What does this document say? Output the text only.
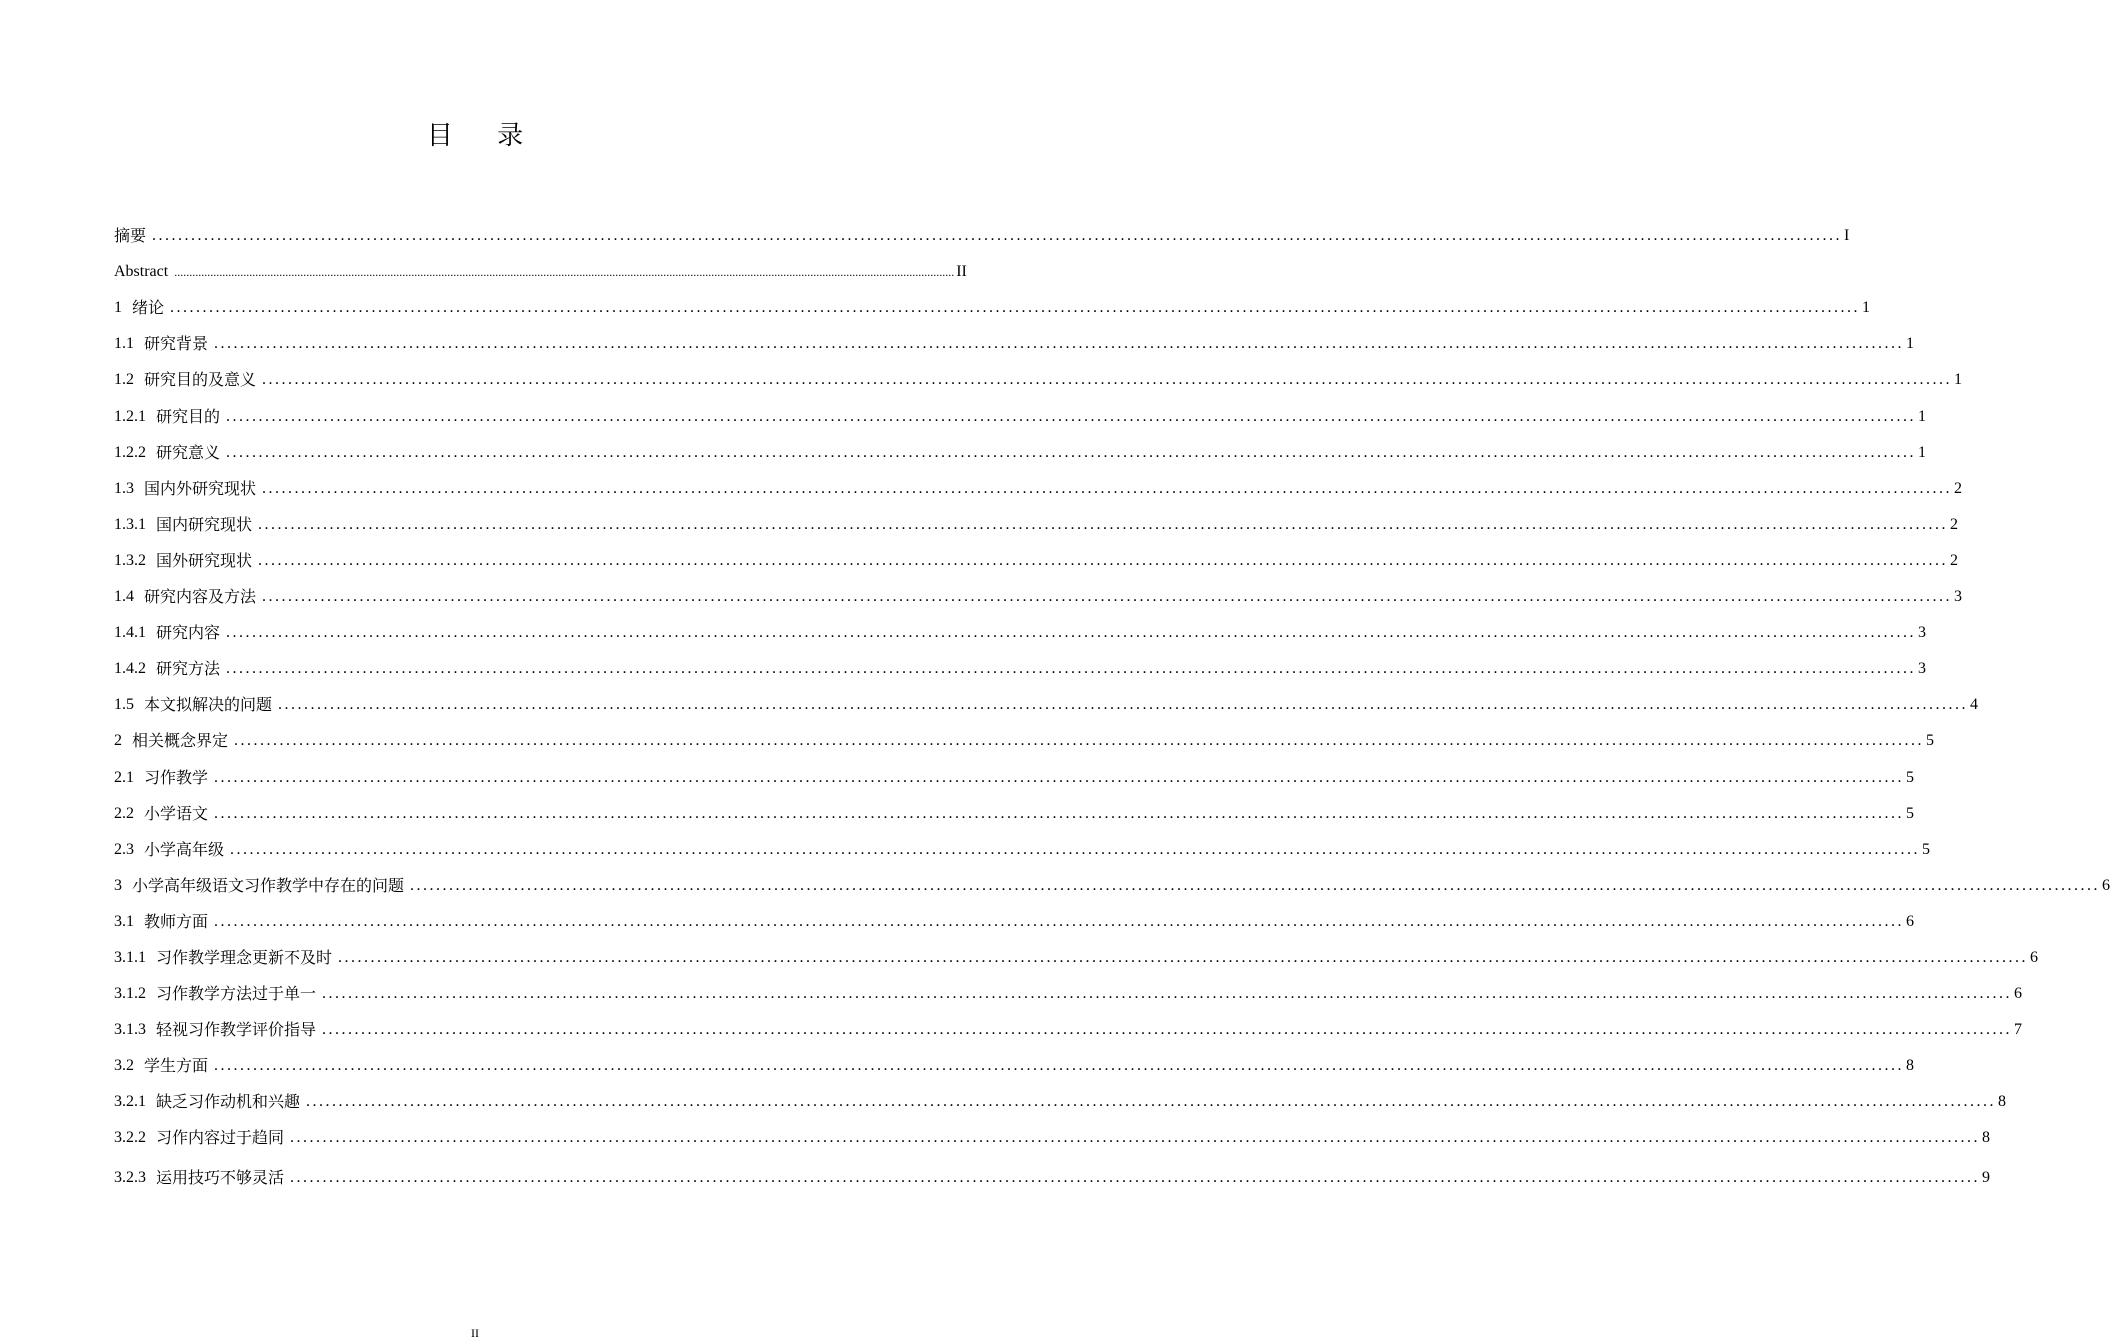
目 录
摘要 .................................................................................................................................................................................................................................................................... I
Abstract .................................................................................................................................................................................................................................................................... II
1 绪论 .................................................................................................................................................................................................................................................................... 1
1.1 研究背景 .................................................................................................................................................................................................................................................................... 1
1.2 研究目的及意义 .................................................................................................................................................................................................................................................................... 1
1.2.1 研究目的 .................................................................................................................................................................................................................................................................... 1
1.2.2 研究意义 .................................................................................................................................................................................................................................................................... 1
1.3 国内外研究现状 .................................................................................................................................................................................................................................................................... 2
1.3.1 国内研究现状 .................................................................................................................................................................................................................................................................... 2
1.3.2 国外研究现状 .................................................................................................................................................................................................................................................................... 2
1.4 研究内容及方法 .................................................................................................................................................................................................................................................................... 3
1.4.1 研究内容 .................................................................................................................................................................................................................................................................... 3
1.4.2 研究方法 .................................................................................................................................................................................................................................................................... 3
1.5 本文拟解决的问题 .................................................................................................................................................................................................................................................................... 4
2 相关概念界定 .................................................................................................................................................................................................................................................................... 5
2.1 习作教学 .................................................................................................................................................................................................................................................................... 5
2.2 小学语文 .................................................................................................................................................................................................................................................................... 5
2.3 小学高年级 .................................................................................................................................................................................................................................................................... 5
3 小学高年级语文习作教学中存在的问题 .................................................................................................................................................................................................................................................................... 6
3.1 教师方面 .................................................................................................................................................................................................................................................................... 6
3.1.1 习作教学理念更新不及时 .................................................................................................................................................................................................................................................................... 6
3.1.2 习作教学方法过于单一 .................................................................................................................................................................................................................................................................... 6
3.1.3 轻视习作教学评价指导 .................................................................................................................................................................................................................................................................... 7
3.2 学生方面 .................................................................................................................................................................................................................................................................... 8
3.2.1 缺乏习作动机和兴趣 .................................................................................................................................................................................................................................................................... 8
3.2.2 习作内容过于趋同 .................................................................................................................................................................................................................................................................... 8
3.2.3 运用技巧不够灵活 .................................................................................................................................................................................................................................................................... 9
II
